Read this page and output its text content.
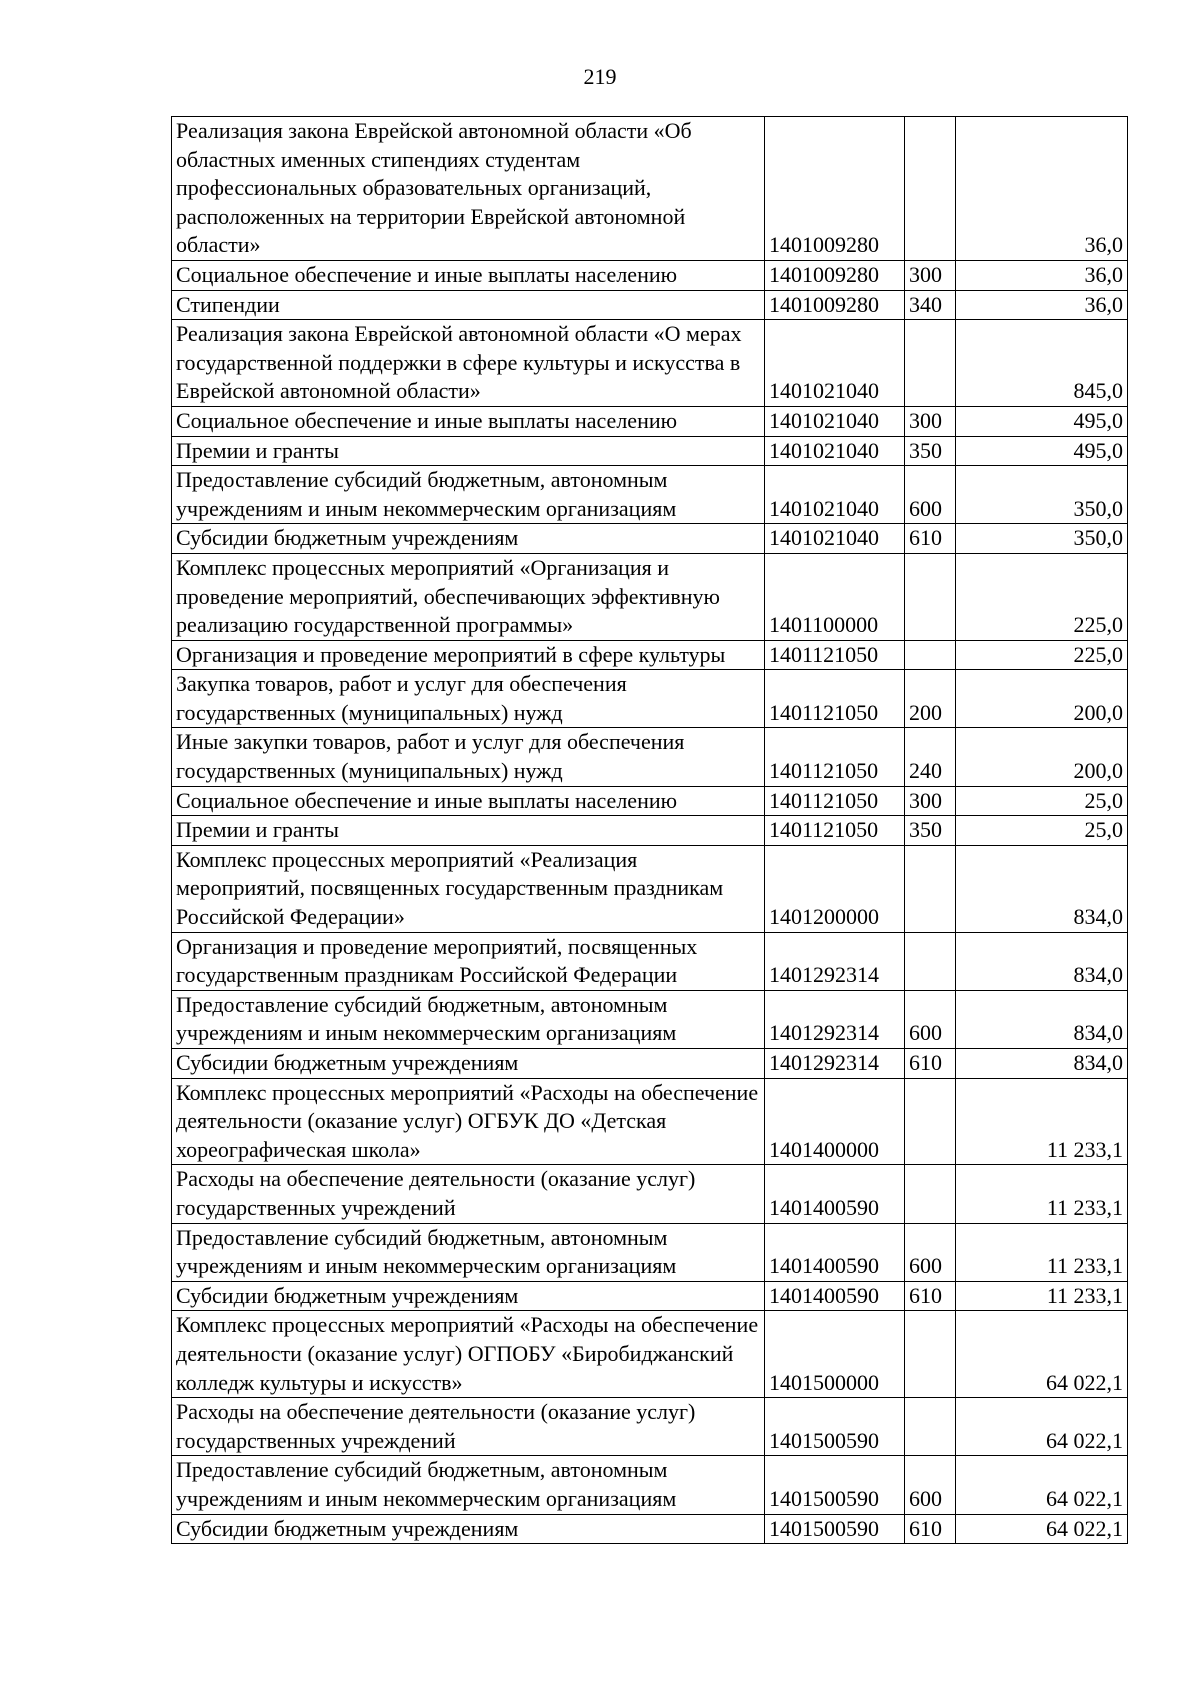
219
Реализация закона Еврейской автономной области «Об областных именных стипендиях студентам профессиональных образовательных организаций, расположенных на территории Еврейской автономной области»	1401009280		36,0
Социальное обеспечение и иные выплаты населению	1401009280	300	36,0
Стипендии	1401009280	340	36,0
Реализация закона Еврейской автономной области «О мерах государственной поддержки в сфере культуры и искусства в Еврейской автономной области»	1401021040		845,0
Социальное обеспечение и иные выплаты населению	1401021040	300	495,0
Премии и гранты	1401021040	350	495,0
Предоставление субсидий бюджетным, автономным учреждениям и иным некоммерческим организациям	1401021040	600	350,0
Субсидии бюджетным учреждениям	1401021040	610	350,0
Комплекс процессных мероприятий «Организация и проведение мероприятий, обеспечивающих эффективную реализацию государственной программы»	1401100000		225,0
Организация и проведение мероприятий в сфере культуры	1401121050		225,0
Закупка товаров, работ и услуг для обеспечения государственных (муниципальных) нужд	1401121050	200	200,0
Иные закупки товаров, работ и услуг для обеспечения государственных (муниципальных) нужд	1401121050	240	200,0
Социальное обеспечение и иные выплаты населению	1401121050	300	25,0
Премии и гранты	1401121050	350	25,0
Комплекс процессных мероприятий «Реализация мероприятий, посвященных государственным праздникам Российской Федерации»	1401200000		834,0
Организация и проведение мероприятий, посвященных государственным праздникам Российской Федерации	1401292314		834,0
Предоставление субсидий бюджетным, автономным учреждениям и иным некоммерческим организациям	1401292314	600	834,0
Субсидии бюджетным учреждениям	1401292314	610	834,0
Комплекс процессных мероприятий «Расходы на обеспечение деятельности (оказание услуг) ОГБУК ДО «Детская хореографическая школа»	1401400000		11 233,1
Расходы на обеспечение деятельности (оказание услуг) государственных учреждений	1401400590		11 233,1
Предоставление субсидий бюджетным, автономным учреждениям и иным некоммерческим организациям	1401400590	600	11 233,1
Субсидии бюджетным учреждениям	1401400590	610	11 233,1
Комплекс процессных мероприятий «Расходы на обеспечение деятельности (оказание услуг) ОГПОБУ «Биробиджанский колледж культуры и искусств»	1401500000		64 022,1
Расходы на обеспечение деятельности (оказание услуг) государственных учреждений	1401500590		64 022,1
Предоставление субсидий бюджетным, автономным учреждениям и иным некоммерческим организациям	1401500590	600	64 022,1
Субсидии бюджетным учреждениям	1401500590	610	64 022,1
